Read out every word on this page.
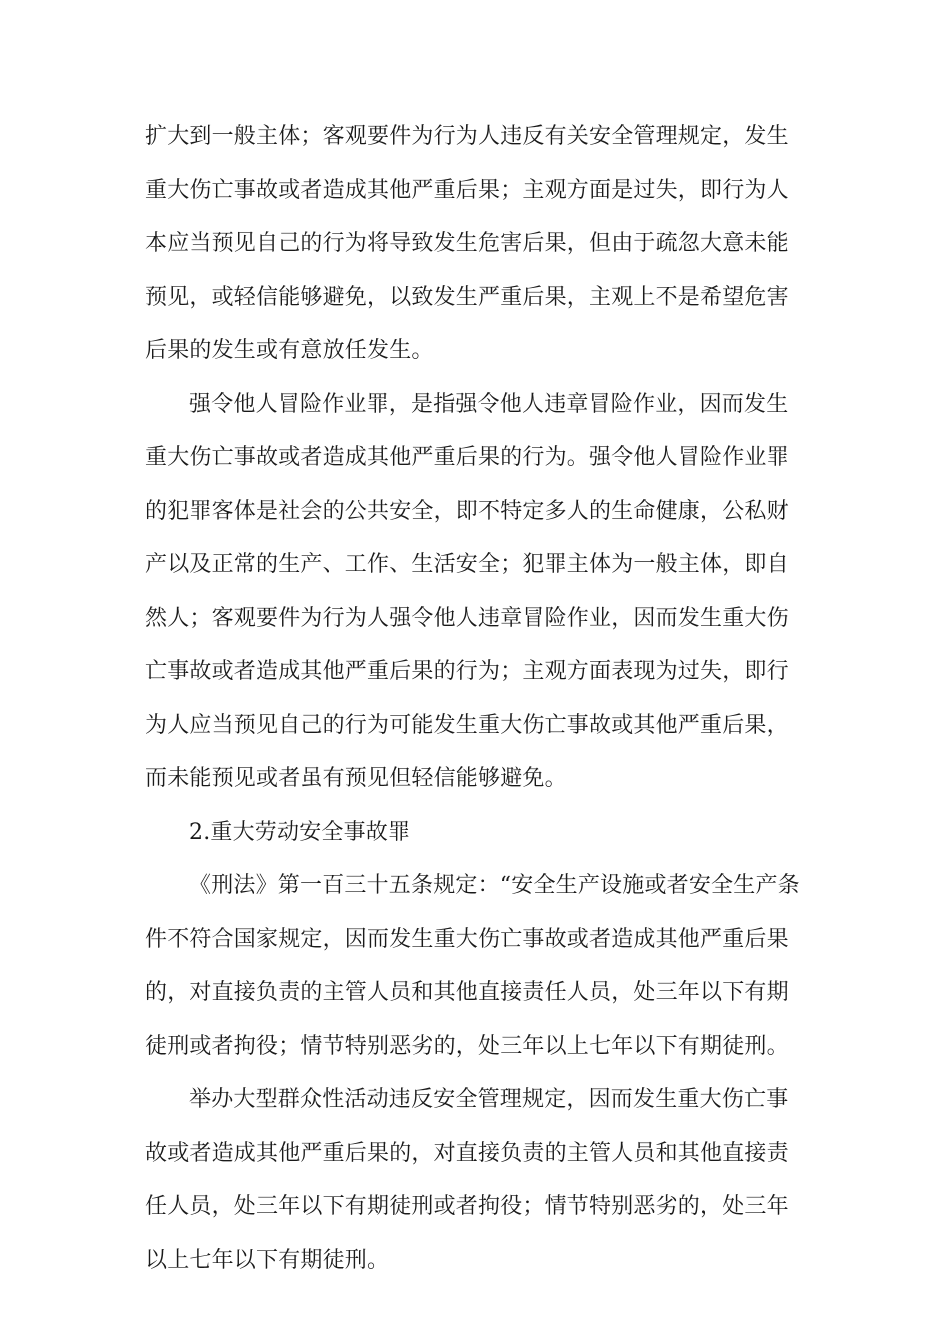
扩大到一般主体；客观要件为行为人违反有关安全管理规定，发生
重大伤亡事故或者造成其他严重后果；主观方面是过失，即行为人
本应当预见自己的行为将导致发生危害后果，但由于疏忽大意未能
预见，或轻信能够避免，以致发生严重后果，主观上不是希望危害
后果的发生或有意放任发生。
强令他人冒险作业罪，是指强令他人违章冒险作业，因而发生
重大伤亡事故或者造成其他严重后果的行为。强令他人冒险作业罪
的犯罪客体是社会的公共安全，即不特定多人的生命健康，公私财
产以及正常的生产、工作、生活安全；犯罪主体为一般主体，即自
然人；客观要件为行为人强令他人违章冒险作业，因而发生重大伤
亡事故或者造成其他严重后果的行为；主观方面表现为过失，即行
为人应当预见自己的行为可能发生重大伤亡事故或其他严重后果，
而未能预见或者虽有预见但轻信能够避免。
2.重大劳动安全事故罪
《刑法》第一百三十五条规定：“安全生产设施或者安全生产条
件不符合国家规定，因而发生重大伤亡事故或者造成其他严重后果
的，对直接负责的主管人员和其他直接责任人员，处三年以下有期
徒刑或者拘役；情节特别恶劣的，处三年以上七年以下有期徒刑。
举办大型群众性活动违反安全管理规定，因而发生重大伤亡事
故或者造成其他严重后果的，对直接负责的主管人员和其他直接责
任人员，处三年以下有期徒刑或者拘役；情节特别恶劣的，处三年
以上七年以下有期徒刑。
